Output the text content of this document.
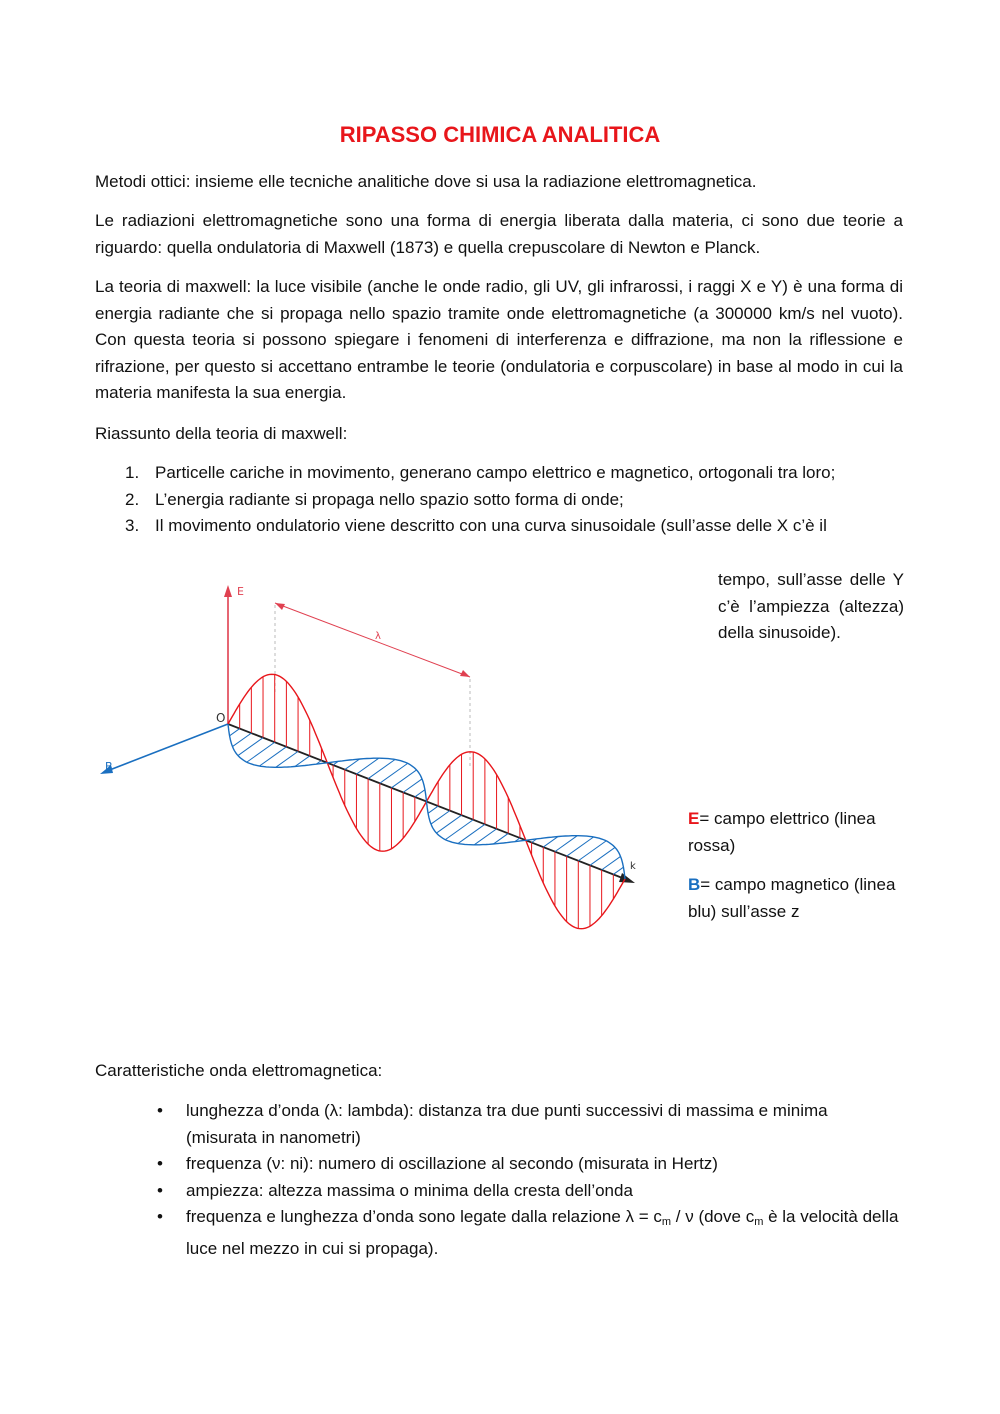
RIPASSO CHIMICA ANALITICA

Metodi ottici: insieme elle tecniche analitiche dove si usa la radiazione elettromagnetica.

Le radiazioni elettromagnetiche sono una forma di energia liberata dalla materia, ci sono due teorie a riguardo: quella ondulatoria di Maxwell (1873) e quella crepuscolare di Newton e Planck.

La teoria di maxwell: la luce visibile (anche le onde radio, gli UV, gli infrarossi, i raggi X e Y) è una forma di energia radiante che si propaga nello spazio tramite onde elettromagnetiche (a 300000 km/s nel vuoto). Con questa teoria si possono spiegare i fenomeni di interferenza e diffrazione, ma non la riflessione e rifrazione, per questo si accettano entrambe le teorie (ondulatoria e corpuscolare) in base al modo in cui la materia manifesta la sua energia.

Riassunto della teoria di maxwell:

1. Particelle cariche in movimento, generano campo elettrico e magnetico, ortogonali tra loro;
2. L’energia radiante si propaga nello spazio sotto forma di onde;
3. Il movimento ondulatorio viene descritto con una curva sinusoidale (sull’asse delle X c’è il
tempo, sull’asse delle Y c’è l’ampiezza (altezza) della sinusoide).
E
B
O
λ
k
E= campo elettrico (linea rossa)
B= campo magnetico (linea blu) sull’asse z

Caratteristiche onda elettromagnetica:

• lunghezza d’onda (λ: lambda): distanza tra due punti successivi di massima e minima (misurata in nanometri)
• frequenza (ν: ni): numero di oscillazione al secondo (misurata in Hertz)
• ampiezza: altezza massima o minima della cresta dell’onda
• frequenza e lunghezza d’onda sono legate dalla relazione $\lambda = c_m / \nu$ (dove $c_m$ è la velocità della luce nel mezzo in cui si propaga).
